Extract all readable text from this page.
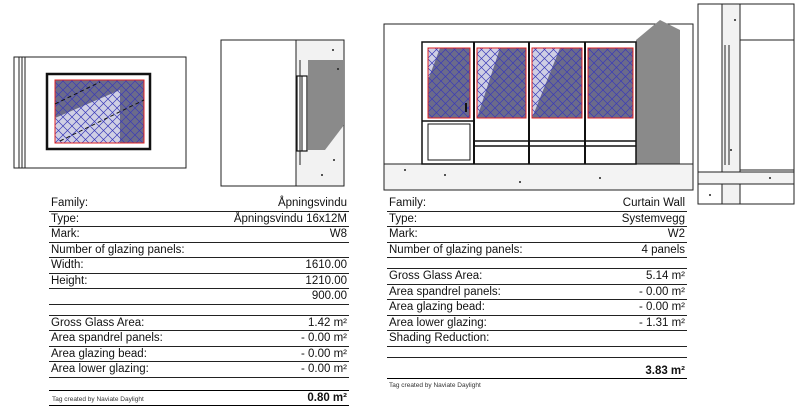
Family:	Åpningsvindu
Type:	Åpningsvindu 16x12M
Mark:	W8
Number of glazing panels:	
Width:	1610.00
Height:	1210.00
	900.00

Gross Glass Area:	1.42 m²
Area spandrel panels:	- 0.00 m²
Area glazing bead:	- 0.00 m²
Area lower glazing:	- 0.00 m²

	0.80 m²
Tag created by Naviate Daylight
Family:	Curtain Wall
Type:	Systemvegg
Mark:	W2
Number of glazing panels:	4 panels

Gross Glass Area:	5.14 m²
Area spandrel panels:	- 0.00 m²
Area glazing bead:	- 0.00 m²
Area lower glazing:	- 1.31 m²
Shading Reduction:	

	3.83 m²
Tag created by Naviate Daylight
